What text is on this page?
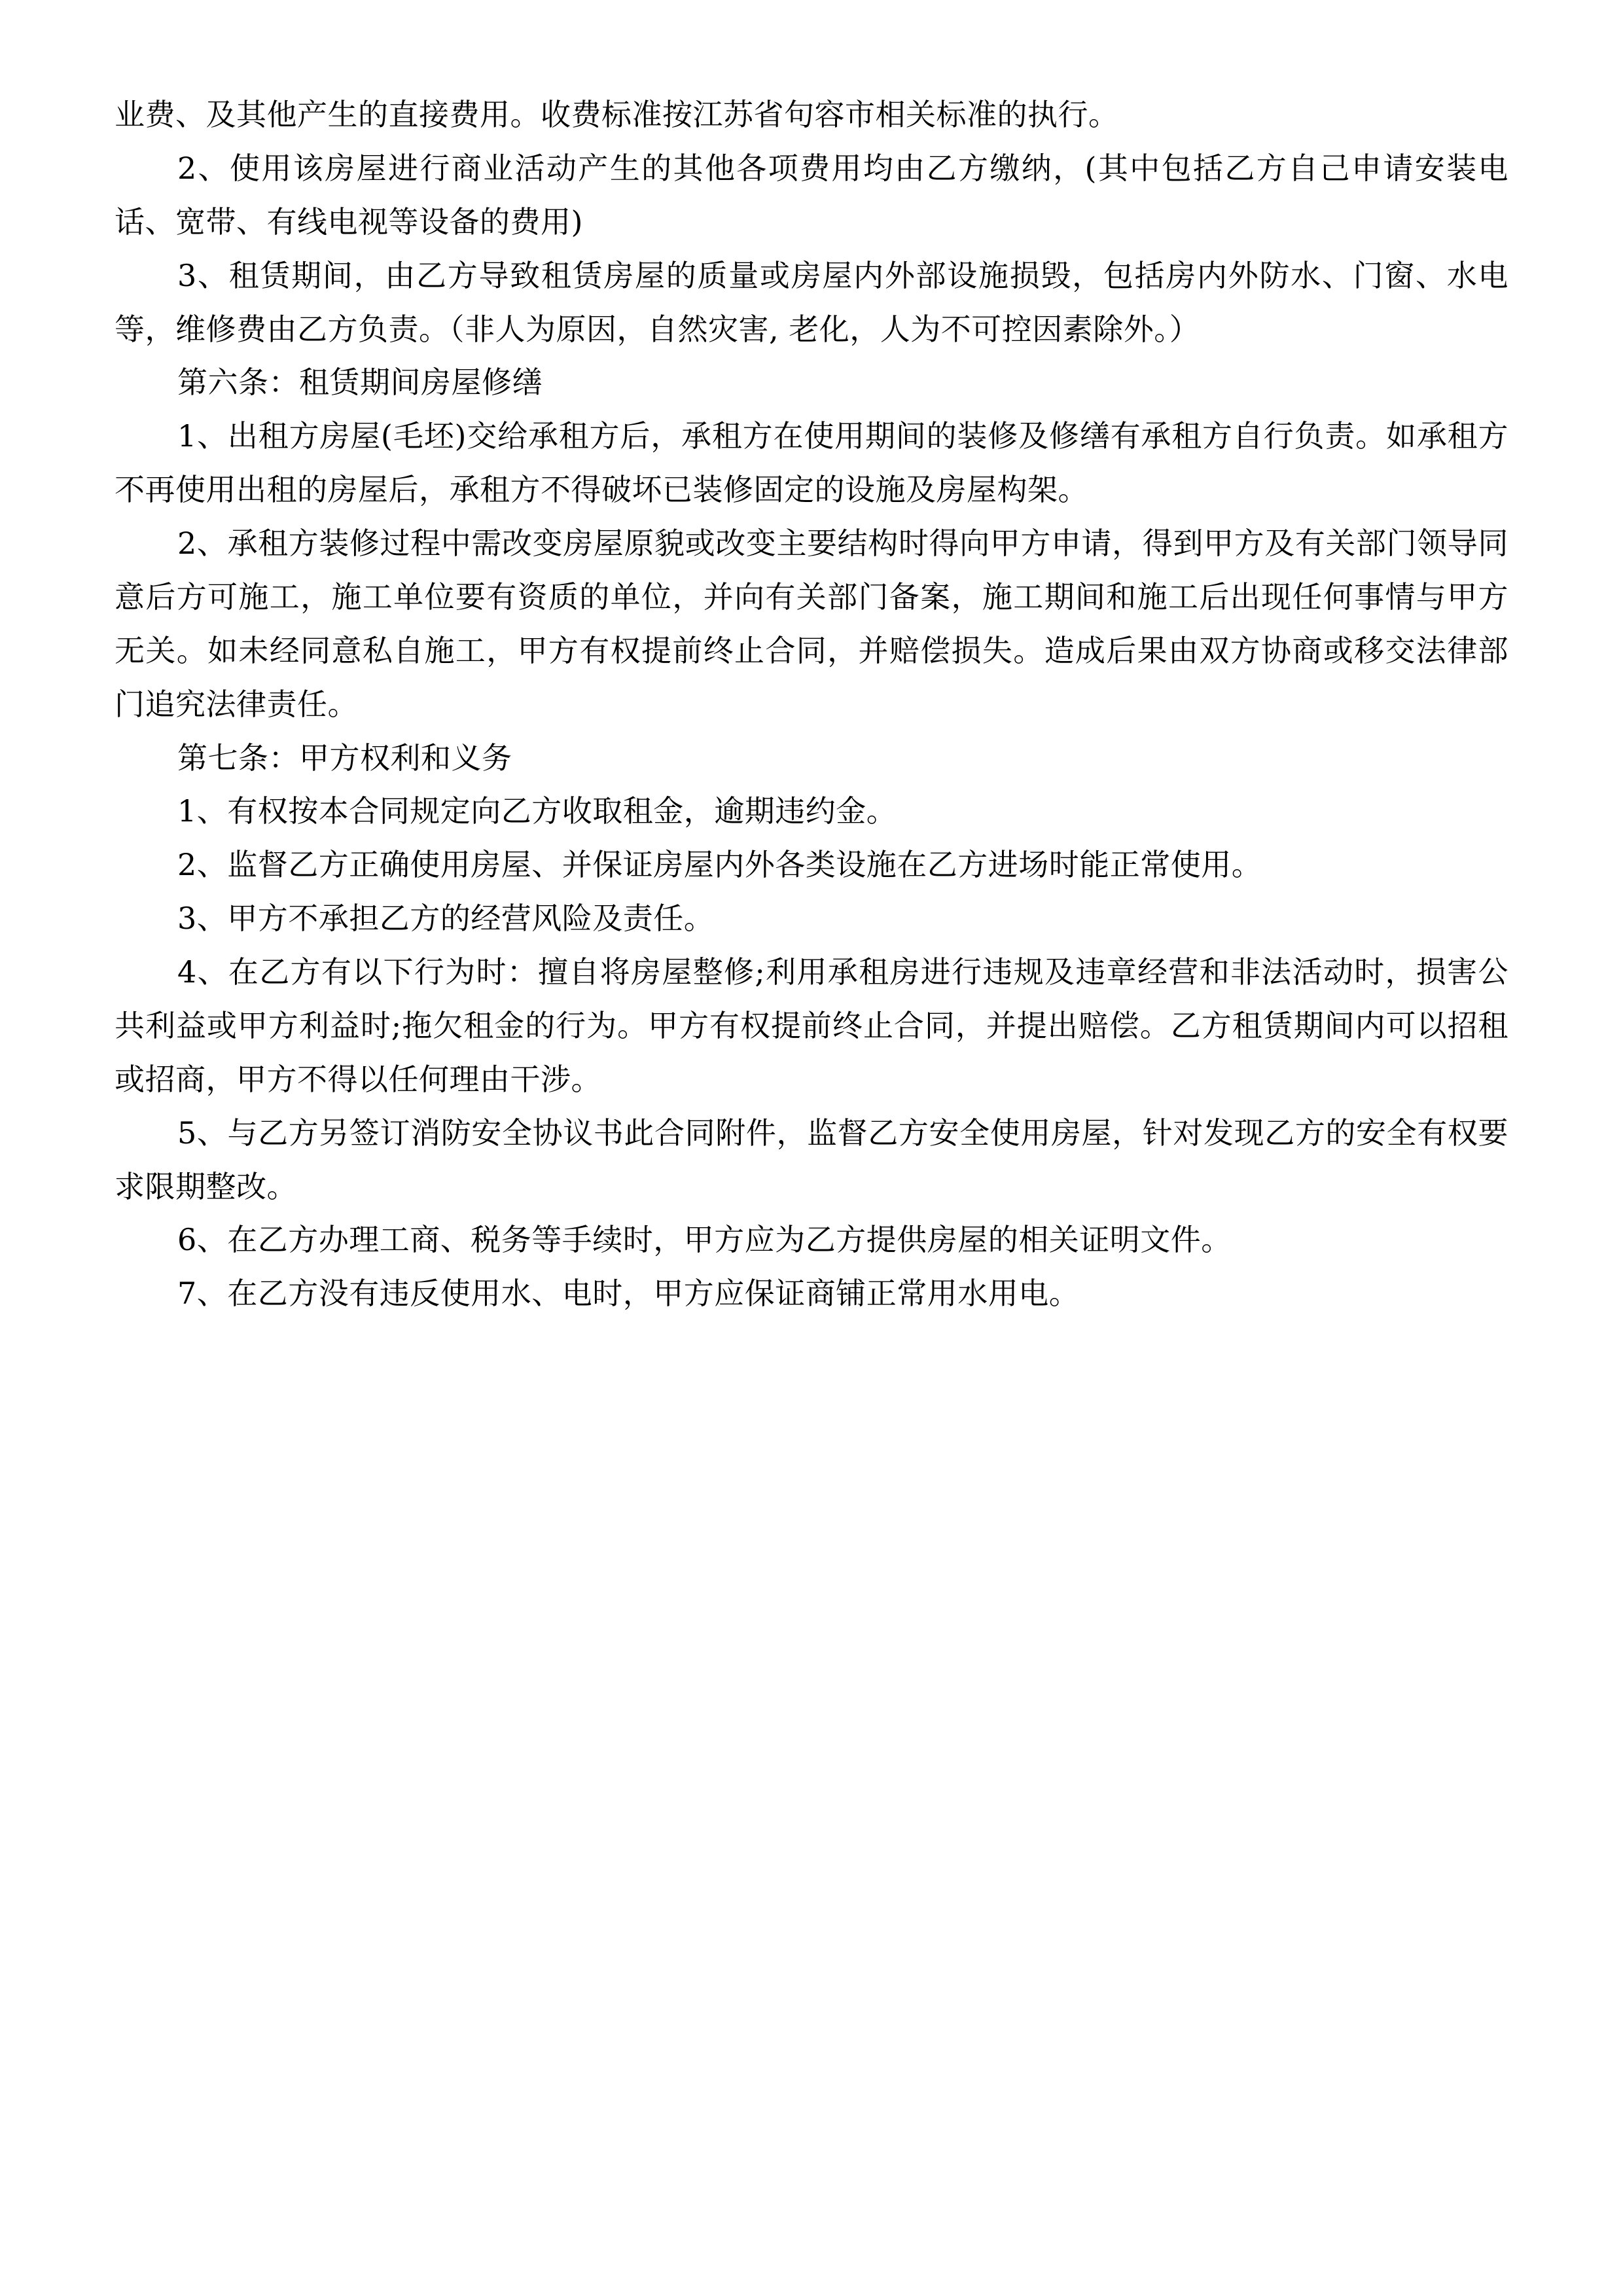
业费、及其他产生的直接费用。收费标准按江苏省句容市相关标准的执行。

2、使用该房屋进行商业活动产生的其他各项费用均由乙方缴纳，(其中包括乙方自己申请安装电话、宽带、有线电视等设备的费用)

3、租赁期间，由乙方导致租赁房屋的质量或房屋内外部设施损毁，包括房内外防水、门窗、水电等，维修费由乙方负责。（非人为原因，自然灾害, 老化，人为不可控因素除外。）

第六条：租赁期间房屋修缮

1、出租方房屋(毛坯)交给承租方后，承租方在使用期间的装修及修缮有承租方自行负责。如承租方不再使用出租的房屋后，承租方不得破坏已装修固定的设施及房屋构架。

2、承租方装修过程中需改变房屋原貌或改变主要结构时得向甲方申请，得到甲方及有关部门领导同意后方可施工，施工单位要有资质的单位，并向有关部门备案，施工期间和施工后出现任何事情与甲方无关。如未经同意私自施工，甲方有权提前终止合同，并赔偿损失。造成后果由双方协商或移交法律部门追究法律责任。

第七条：甲方权利和义务

1、有权按本合同规定向乙方收取租金，逾期违约金。

2、监督乙方正确使用房屋、并保证房屋内外各类设施在乙方进场时能正常使用。

3、甲方不承担乙方的经营风险及责任。

4、在乙方有以下行为时：擅自将房屋整修;利用承租房进行违规及违章经营和非法活动时，损害公共利益或甲方利益时;拖欠租金的行为。甲方有权提前终止合同，并提出赔偿。乙方租赁期间内可以招租或招商，甲方不得以任何理由干涉。

5、与乙方另签订消防安全协议书此合同附件，监督乙方安全使用房屋，针对发现乙方的安全有权要求限期整改。

6、在乙方办理工商、税务等手续时，甲方应为乙方提供房屋的相关证明文件。

7、在乙方没有违反使用水、电时，甲方应保证商铺正常用水用电。
